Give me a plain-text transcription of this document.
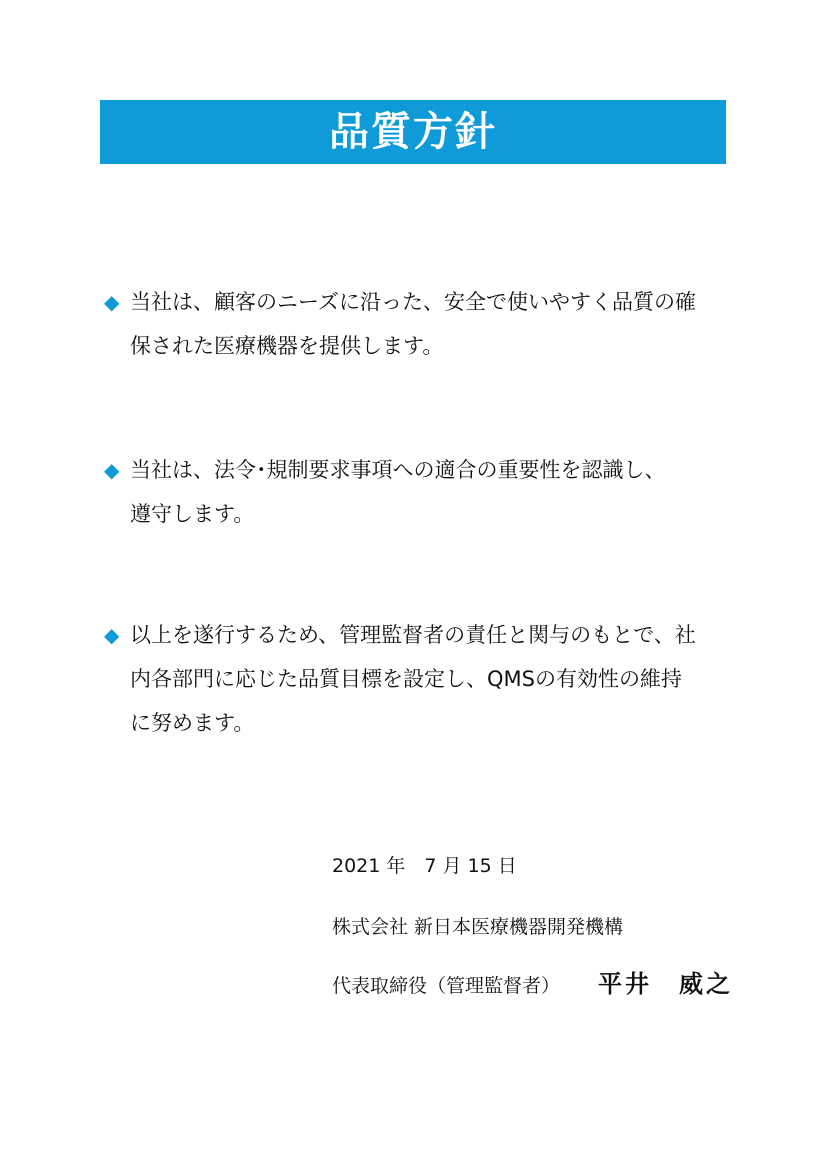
品質方針
◆ 当社は、顧客のニーズに沿った、安全で使いやすく品質の確
保された医療機器を提供します。
◆ 当社は、法令･規制要求事項への適合の重要性を認識し、
遵守します。
◆ 以上を遂行するため、管理監督者の責任と関与のもとで、社
内各部門に応じた品質目標を設定し、QMSの有効性の維持
に努めます。
2021 年　7 月 15 日
株式会社 新日本医療機器開発機構
代表取締役（管理監督者） 平井　威之
